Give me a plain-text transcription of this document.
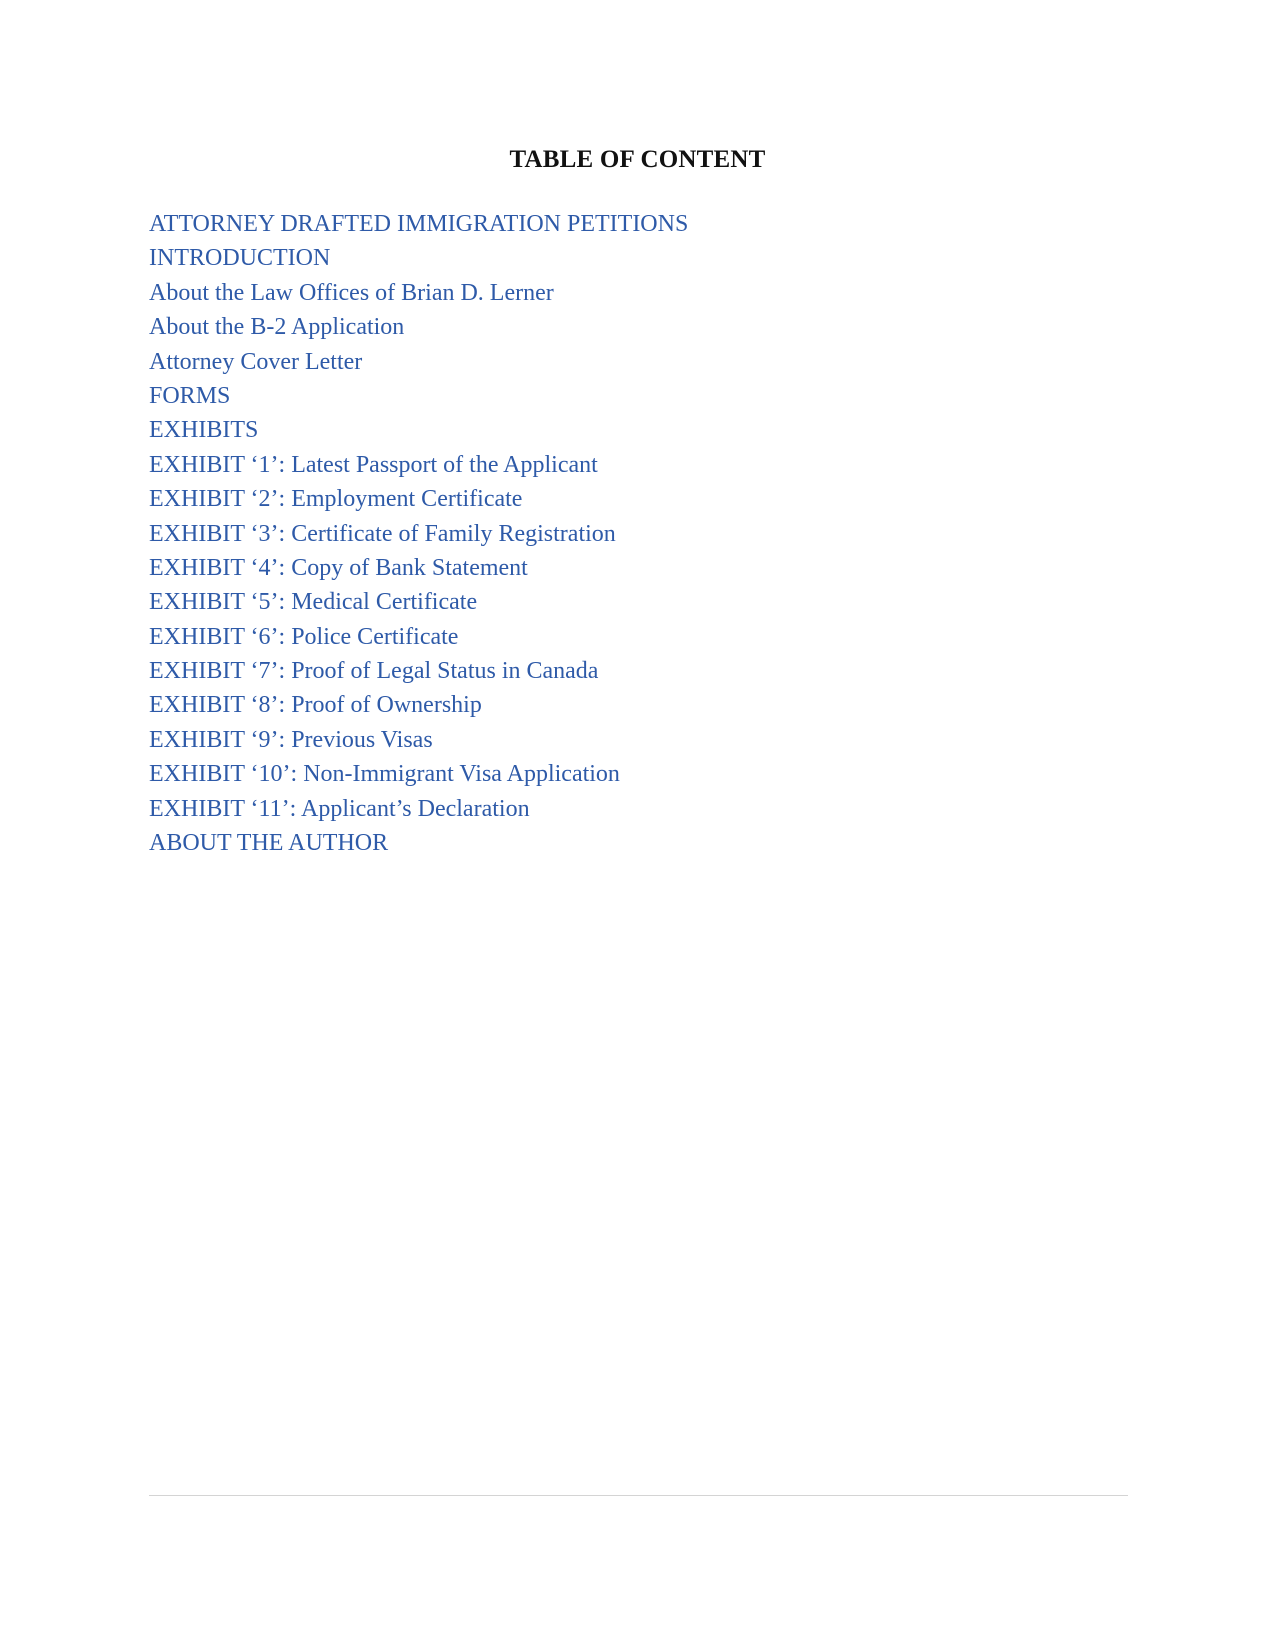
TABLE OF CONTENT
ATTORNEY DRAFTED IMMIGRATION PETITIONS
INTRODUCTION
About the Law Offices of Brian D. Lerner
About the B-2 Application
Attorney Cover Letter
FORMS
EXHIBITS
EXHIBIT ‘1’: Latest Passport of the Applicant
EXHIBIT ‘2’: Employment Certificate
EXHIBIT ‘3’: Certificate of Family Registration
EXHIBIT ‘4’: Copy of Bank Statement
EXHIBIT ‘5’: Medical Certificate
EXHIBIT ‘6’: Police Certificate
EXHIBIT ‘7’: Proof of Legal Status in Canada
EXHIBIT ‘8’: Proof of Ownership
EXHIBIT ‘9’: Previous Visas
EXHIBIT ‘10’: Non-Immigrant Visa Application
EXHIBIT ‘11’: Applicant’s Declaration
ABOUT THE AUTHOR
